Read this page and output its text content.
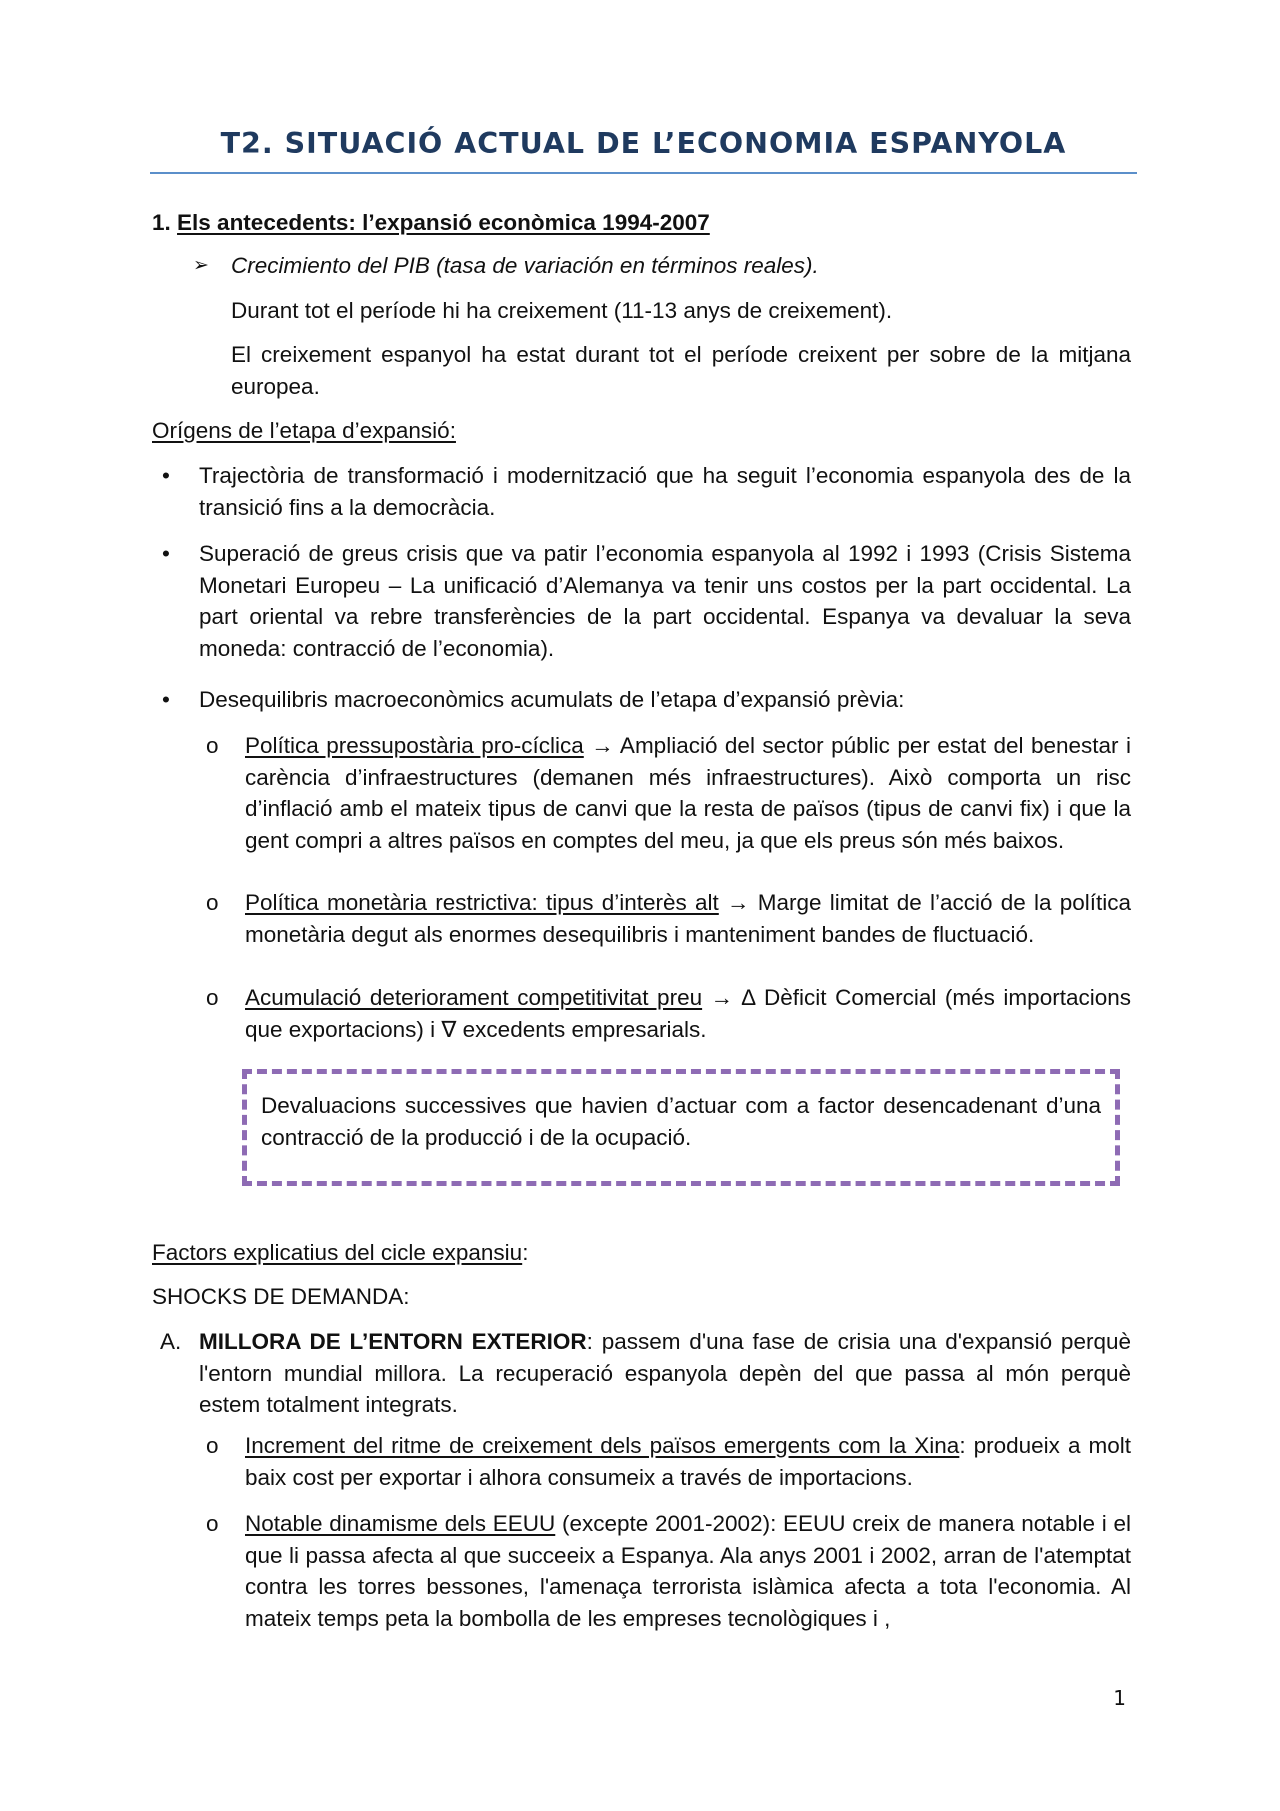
T2. SITUACIÓ ACTUAL DE L’ECONOMIA ESPANYOLA
1. Els antecedents: l’expansió econòmica 1994-2007
➢ Crecimiento del PIB (tasa de variación en términos reales).
Durant tot el període hi ha creixement (11-13 anys de creixement).
El creixement espanyol ha estat durant tot el període creixent per sobre de la mitjana europea.
Orígens de l’etapa d’expansió:
• Trajectòria de transformació i modernització que ha seguit l’economia espanyola des de la transició fins a la democràcia.
• Superació de greus crisis que va patir l’economia espanyola al 1992 i 1993 (Crisis Sistema Monetari Europeu – La unificació d’Alemanya va tenir uns costos per la part occidental. La part oriental va rebre transferències de la part occidental. Espanya va devaluar la seva moneda: contracció de l’economia).
• Desequilibris macroeconòmics acumulats de l’etapa d’expansió prèvia:
o Política pressupostària pro-cíclica → Ampliació del sector públic per estat del benestar i carència d’infraestructures (demanen més infraestructures). Això comporta un risc d’inflació amb el mateix tipus de canvi que la resta de països (tipus de canvi fix) i que la gent compri a altres països en comptes del meu, ja que els preus són més baixos.
o Política monetària restrictiva: tipus d’interès alt → Marge limitat de l’acció de la política monetària degut als enormes desequilibris i manteniment bandes de fluctuació.
o Acumulació deteriorament competitivitat preu → ∆ Dèficit Comercial (més importacions que exportacions) i ∇ excedents empresarials.
Devaluacions successives que havien d’actuar com a factor desencadenant d’una contracció de la producció i de la ocupació.
Factors explicatius del cicle expansiu:
SHOCKS DE DEMANDA:
A. MILLORA DE L’ENTORN EXTERIOR: passem d'una fase de crisia una d'expansió perquè l'entorn mundial millora. La recuperació espanyola depèn del que passa al món perquè estem totalment integrats.
o Increment del ritme de creixement dels països emergents com la Xina: produeix a molt baix cost per exportar i alhora consumeix a través de importacions.
o Notable dinamisme dels EEUU (excepte 2001-2002): EEUU creix de manera notable i el que li passa afecta al que succeeix a Espanya. Ala anys 2001 i 2002, arran de l'atemptat contra les torres bessones, l'amenaça terrorista islàmica afecta a tota l'economia. Al mateix temps peta la bombolla de les empreses tecnològiques i ,
1
